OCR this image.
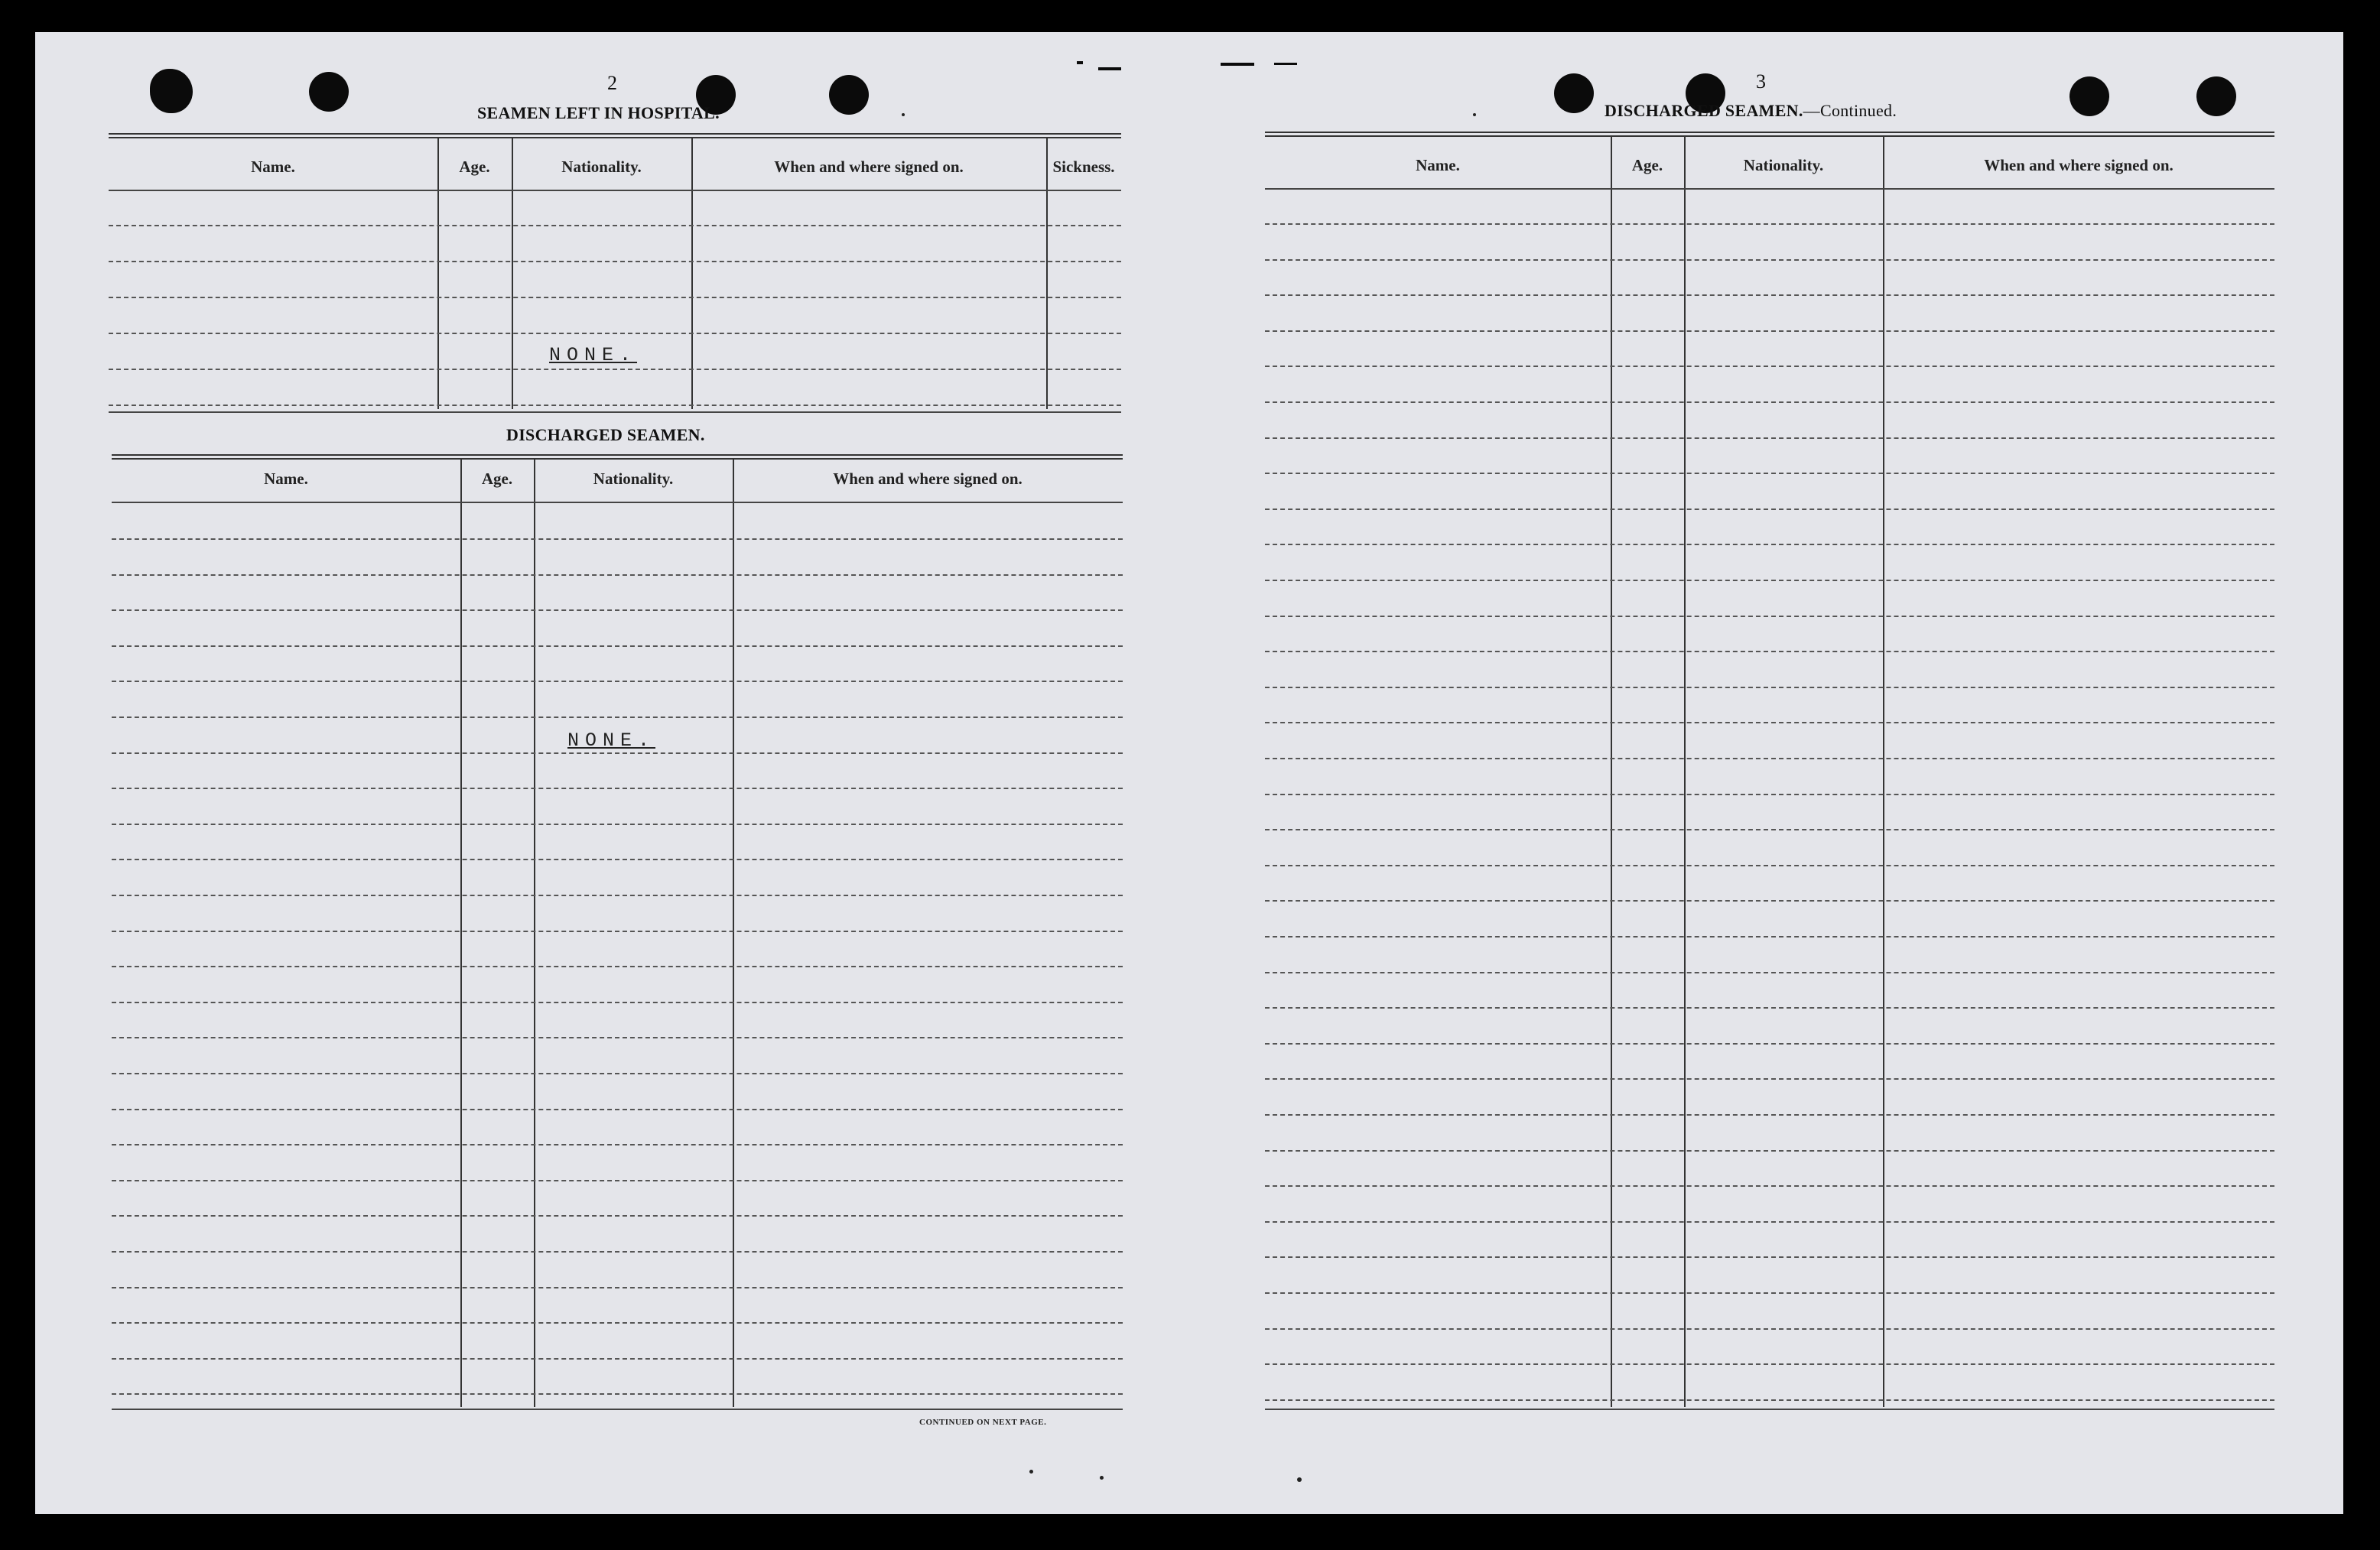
2
SEAMEN LEFT IN HOSPITAL.
Name.	Age.	Nationality.	When and where signed on.	Sickness.
NONE.
DISCHARGED SEAMEN.
Name.	Age.	Nationality.	When and where signed on.
NONE.
CONTINUED ON NEXT PAGE.
3
DISCHARGED SEAMEN.—Continued.
Name.	Age.	Nationality.	When and where signed on.
